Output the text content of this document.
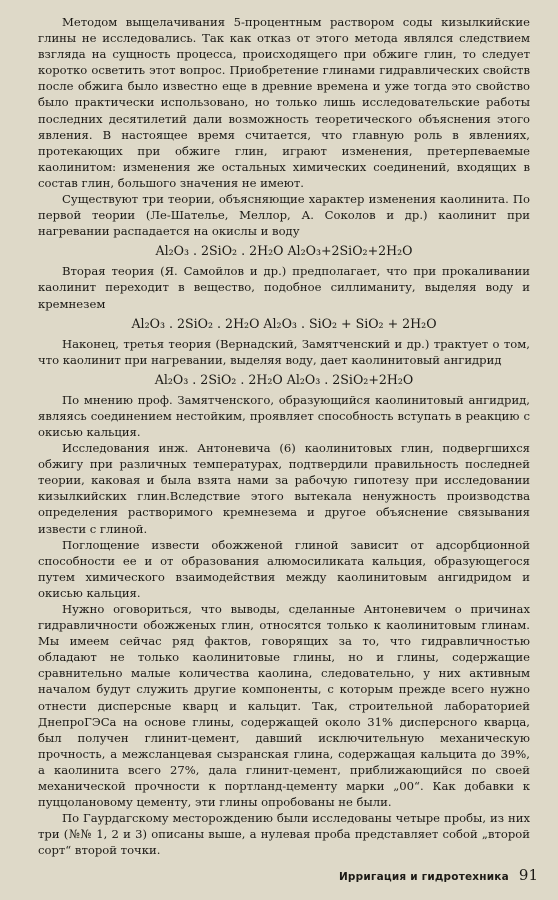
Методом выщелачивания 5-процентным раствором соды кизылкийские глины не исследовались. Так как отказ от этого метода являлся следствием взгляда на сущность процесса, происходящего при обжиге глин, то следует коротко осветить этот вопрос. Приобретение глинами гидравлических свойств после обжига было известно еще в древние времена и уже тогда это свойство было практически использовано, но только лишь исследовательские работы последних десятилетий дали возможность теоретического объяснения этого явления. В настоящее время считается, что главную роль в явлениях, протекающих при обжиге глин, играют изменения, претерпеваемые каолинитом: изменения же остальных химических соединений, входящих в состав глин, большого значения не имеют.

Существуют три теории, объясняющие характер изменения каолинита. По первой теории (Ле-Шателье, Меллор, А. Соколов и др.) каолинит при нагревании распадается на окислы и воду

Al₂O₃ . 2SiO₂ . 2H₂O Al₂O₃+2SiO₂+2H₂O

Вторая теория (Я. Самойлов и др.) предполагает, что при прокаливании каолинит переходит в вещество, подобное силлиманиту, выделяя воду и кремнезем

Al₂O₃ . 2SiO₂ . 2H₂O Al₂O₃ . SiO₂ + SiO₂ + 2H₂O

Наконец, третья теория (Вернадский, Замятченский и др.) трактует о том, что каолинит при нагревании, выделяя воду, дает каолинитовый ангидрид

Al₂O₃ . 2SiO₂ . 2H₂O Al₂O₃ . 2SiO₂+2H₂O

По мнению проф. Замятченского, образующийся каолинитовый ангидрид, являясь соединением нестойким, проявляет способность вступать в реакцию с окисью кальция.

Исследования инж. Антоневича (6) каолинитовых глин, подвергшихся обжигу при различных температурах, подтвердили правильность последней теории, каковая и была взята нами за рабочую гипотезу при исследовании кизылкийских глин.Вследствие этого вытекала ненужность производства определения растворимого кремнезема и другое объяснение связывания извести с глиной.

Поглощение извести обожженой глиной зависит от адсорбционной способности ее и от образования алюмосиликата кальция, образующегося путем химического взаимодействия между каолинитовым ангидридом и окисью кальция.

Нужно оговориться, что выводы, сделанные Антоневичем о причинах гидравличности обожженых глин, относятся только к каолинитовым глинам. Мы имеем сейчас ряд фактов, говорящих за то, что гидравличностью обладают не только каолинитовые глины, но и глины, содержащие сравнительно малые количества каолина, следовательно, у них активным началом будут служить другие компоненты, с которым прежде всего нужно отнести дисперсные кварц и кальцит. Так, строительной лабораторией ДнепроГЭСа на основе глины, содержащей около 31% дисперсного кварца, был получен глинит-цемент, давший исключительную механическую прочность, а межсланцевая сызранская глина, содержащая кальцита до 39%, а каолинита всего 27%, дала глинит-цемент, приближающийся по своей механической прочности к портланд-цементу марки „00“. Как добавки к пуццолановому цементу, эти глины опробованы не были.

По Гаурдагскому месторождению были исследованы четыре пробы, из них три (№№ 1, 2 и 3) описаны выше, а нулевая проба представляет собой „второй сорт“ второй точки.

Ирригация и гидротехника 91
